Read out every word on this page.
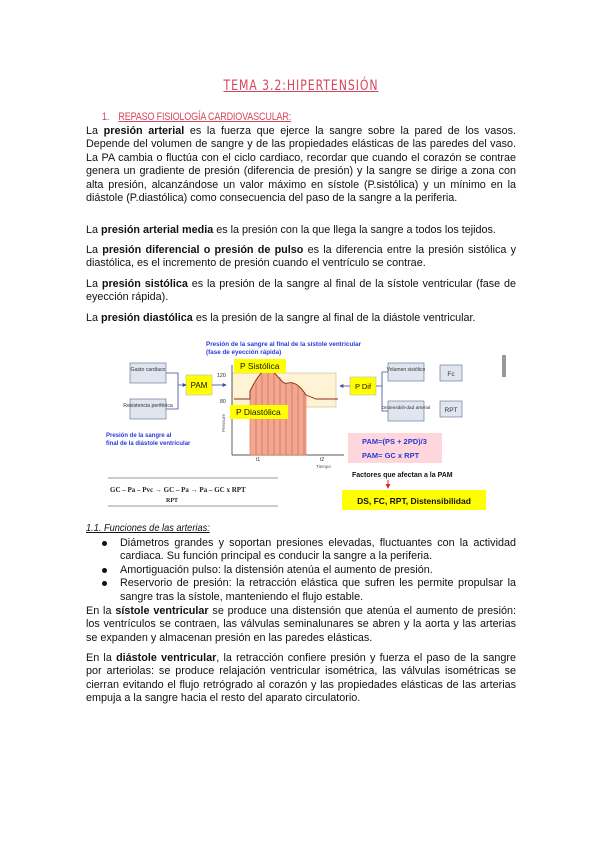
TEMA 3.2:HIPERTENSIÓN
1. REPASO FISIOLOGÍA CARDIOVASCULAR:

La presión arterial es la fuerza que ejerce la sangre sobre la pared de los vasos. Depende del volumen de sangre y de las propiedades elásticas de las paredes del vaso. La PA cambia o fluctúa con el ciclo cardiaco, recordar que cuando el corazón se contrae genera un gradiente de presión (diferencia de presión) y la sangre se dirige a zona con alta presión, alcanzándose un valor máximo en sístole (P.sistólica) y un mínimo en la diástole (P.diastólica) como consecuencia del paso de la sangre a la periferia.

La presión arterial media es la presión con la que llega la sangre a todos los tejidos.

La presión diferencial o presión de pulso es la diferencia entre la presión sistólica y diastólica, es el incremento de presión cuando el ventrículo se contrae.

La presión sistólica es la presión de la sangre al final de la sístole ventricular (fase de eyección rápida).

La presión diastólica es la presión de la sangre al final de la diástole ventricular.

Presión de la sangre al final de la sístole ventricular
(fase de eyección rápida)
Gasto cardiaco
Resistencia periférica
PAM
120
80
Pressure
t1	t2
Tiempo
P Sistólica
P Diastólica
P Dif
Volumen sistólico
Fc
Distensibili-dad arterial RPT
Presión de la sangre al
final de la diástole ventricular	PAM=(PS + 2PD)/3
PAM= GC x RPT
Factores que afectan a la PAM
DS, FC, RPT, Distensibilidad
GC – Pa – Pvc → GC – Pa → Pa – GC x RPT
RPT
1.1. Funciones de las arterias:
Diámetros grandes y soportan presiones elevadas, fluctuantes con la actividad cardiaca. Su función principal es conducir la sangre a la periferia.
Amortiguación pulso: la distensión atenúa el aumento de presión.
Reservorio de presión: la retracción elástica que sufren les permite propulsar la sangre tras la sístole, manteniendo el flujo estable.

En la sístole ventricular se produce una distensión que atenúa el aumento de presión: los ventrículos se contraen, las válvulas seminalunares se abren y la aorta y las arterias se expanden y almacenan presión en las paredes elásticas.

En la diástole ventricular, la retracción confiere presión y fuerza el paso de la sangre por arteriolas: se produce relajación ventricular isométrica, las válvulas isométricas se cierran evitando el flujo retrógrado al corazón y las propiedades elásticas de las arterias empuja a la sangre hacia el resto del aparato circulatorio.
